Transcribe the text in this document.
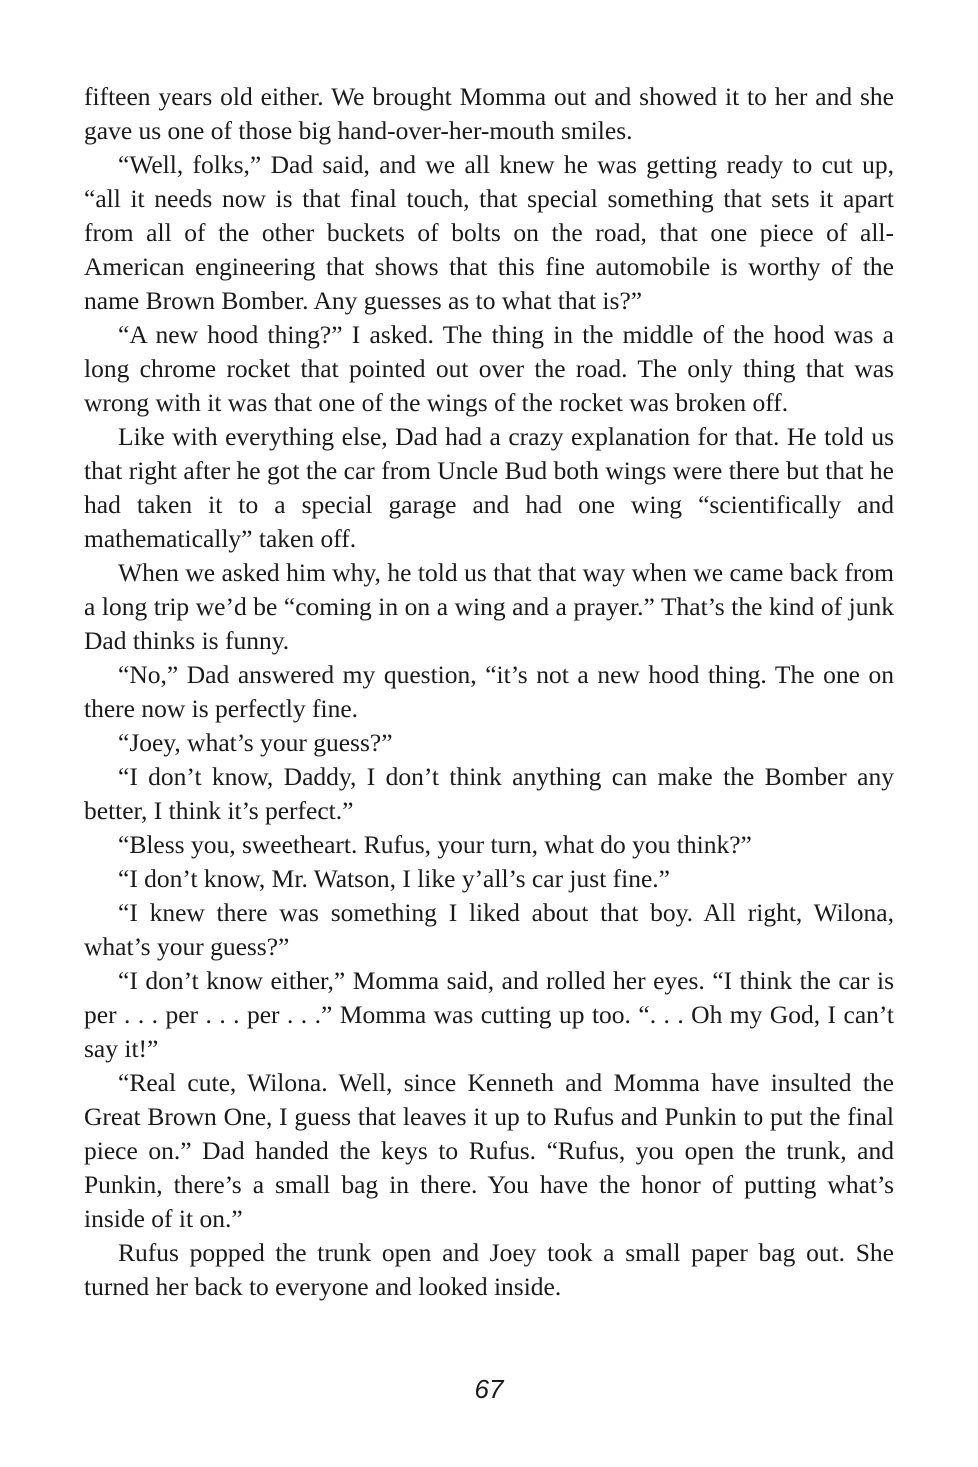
fifteen years old either. We brought Momma out and showed it to her and she gave us one of those big hand-over-her-mouth smiles.

“Well, folks,” Dad said, and we all knew he was getting ready to cut up, “all it needs now is that final touch, that special something that sets it apart from all of the other buckets of bolts on the road, that one piece of all-American engineering that shows that this fine automobile is worthy of the name Brown Bomber. Any guesses as to what that is?”

“A new hood thing?” I asked. The thing in the middle of the hood was a long chrome rocket that pointed out over the road. The only thing that was wrong with it was that one of the wings of the rocket was broken off.

Like with everything else, Dad had a crazy explanation for that. He told us that right after he got the car from Uncle Bud both wings were there but that he had taken it to a special garage and had one wing “scientifically and mathematically” taken off.

When we asked him why, he told us that that way when we came back from a long trip we’d be “coming in on a wing and a prayer.” That’s the kind of junk Dad thinks is funny.

“No,” Dad answered my question, “it’s not a new hood thing. The one on there now is perfectly fine.

“Joey, what’s your guess?”

“I don’t know, Daddy, I don’t think anything can make the Bomber any better, I think it’s perfect.”

“Bless you, sweetheart. Rufus, your turn, what do you think?”

“I don’t know, Mr. Watson, I like y’all’s car just fine.”

“I knew there was something I liked about that boy. All right, Wilona, what’s your guess?”

“I don’t know either,” Momma said, and rolled her eyes. “I think the car is per . . . per . . . per . . .” Momma was cutting up too. “. . . Oh my God, I can’t say it!”

“Real cute, Wilona. Well, since Kenneth and Momma have insulted the Great Brown One, I guess that leaves it up to Rufus and Punkin to put the final piece on.” Dad handed the keys to Rufus. “Rufus, you open the trunk, and Punkin, there’s a small bag in there. You have the honor of putting what’s inside of it on.”

Rufus popped the trunk open and Joey took a small paper bag out. She turned her back to everyone and looked inside.

67
